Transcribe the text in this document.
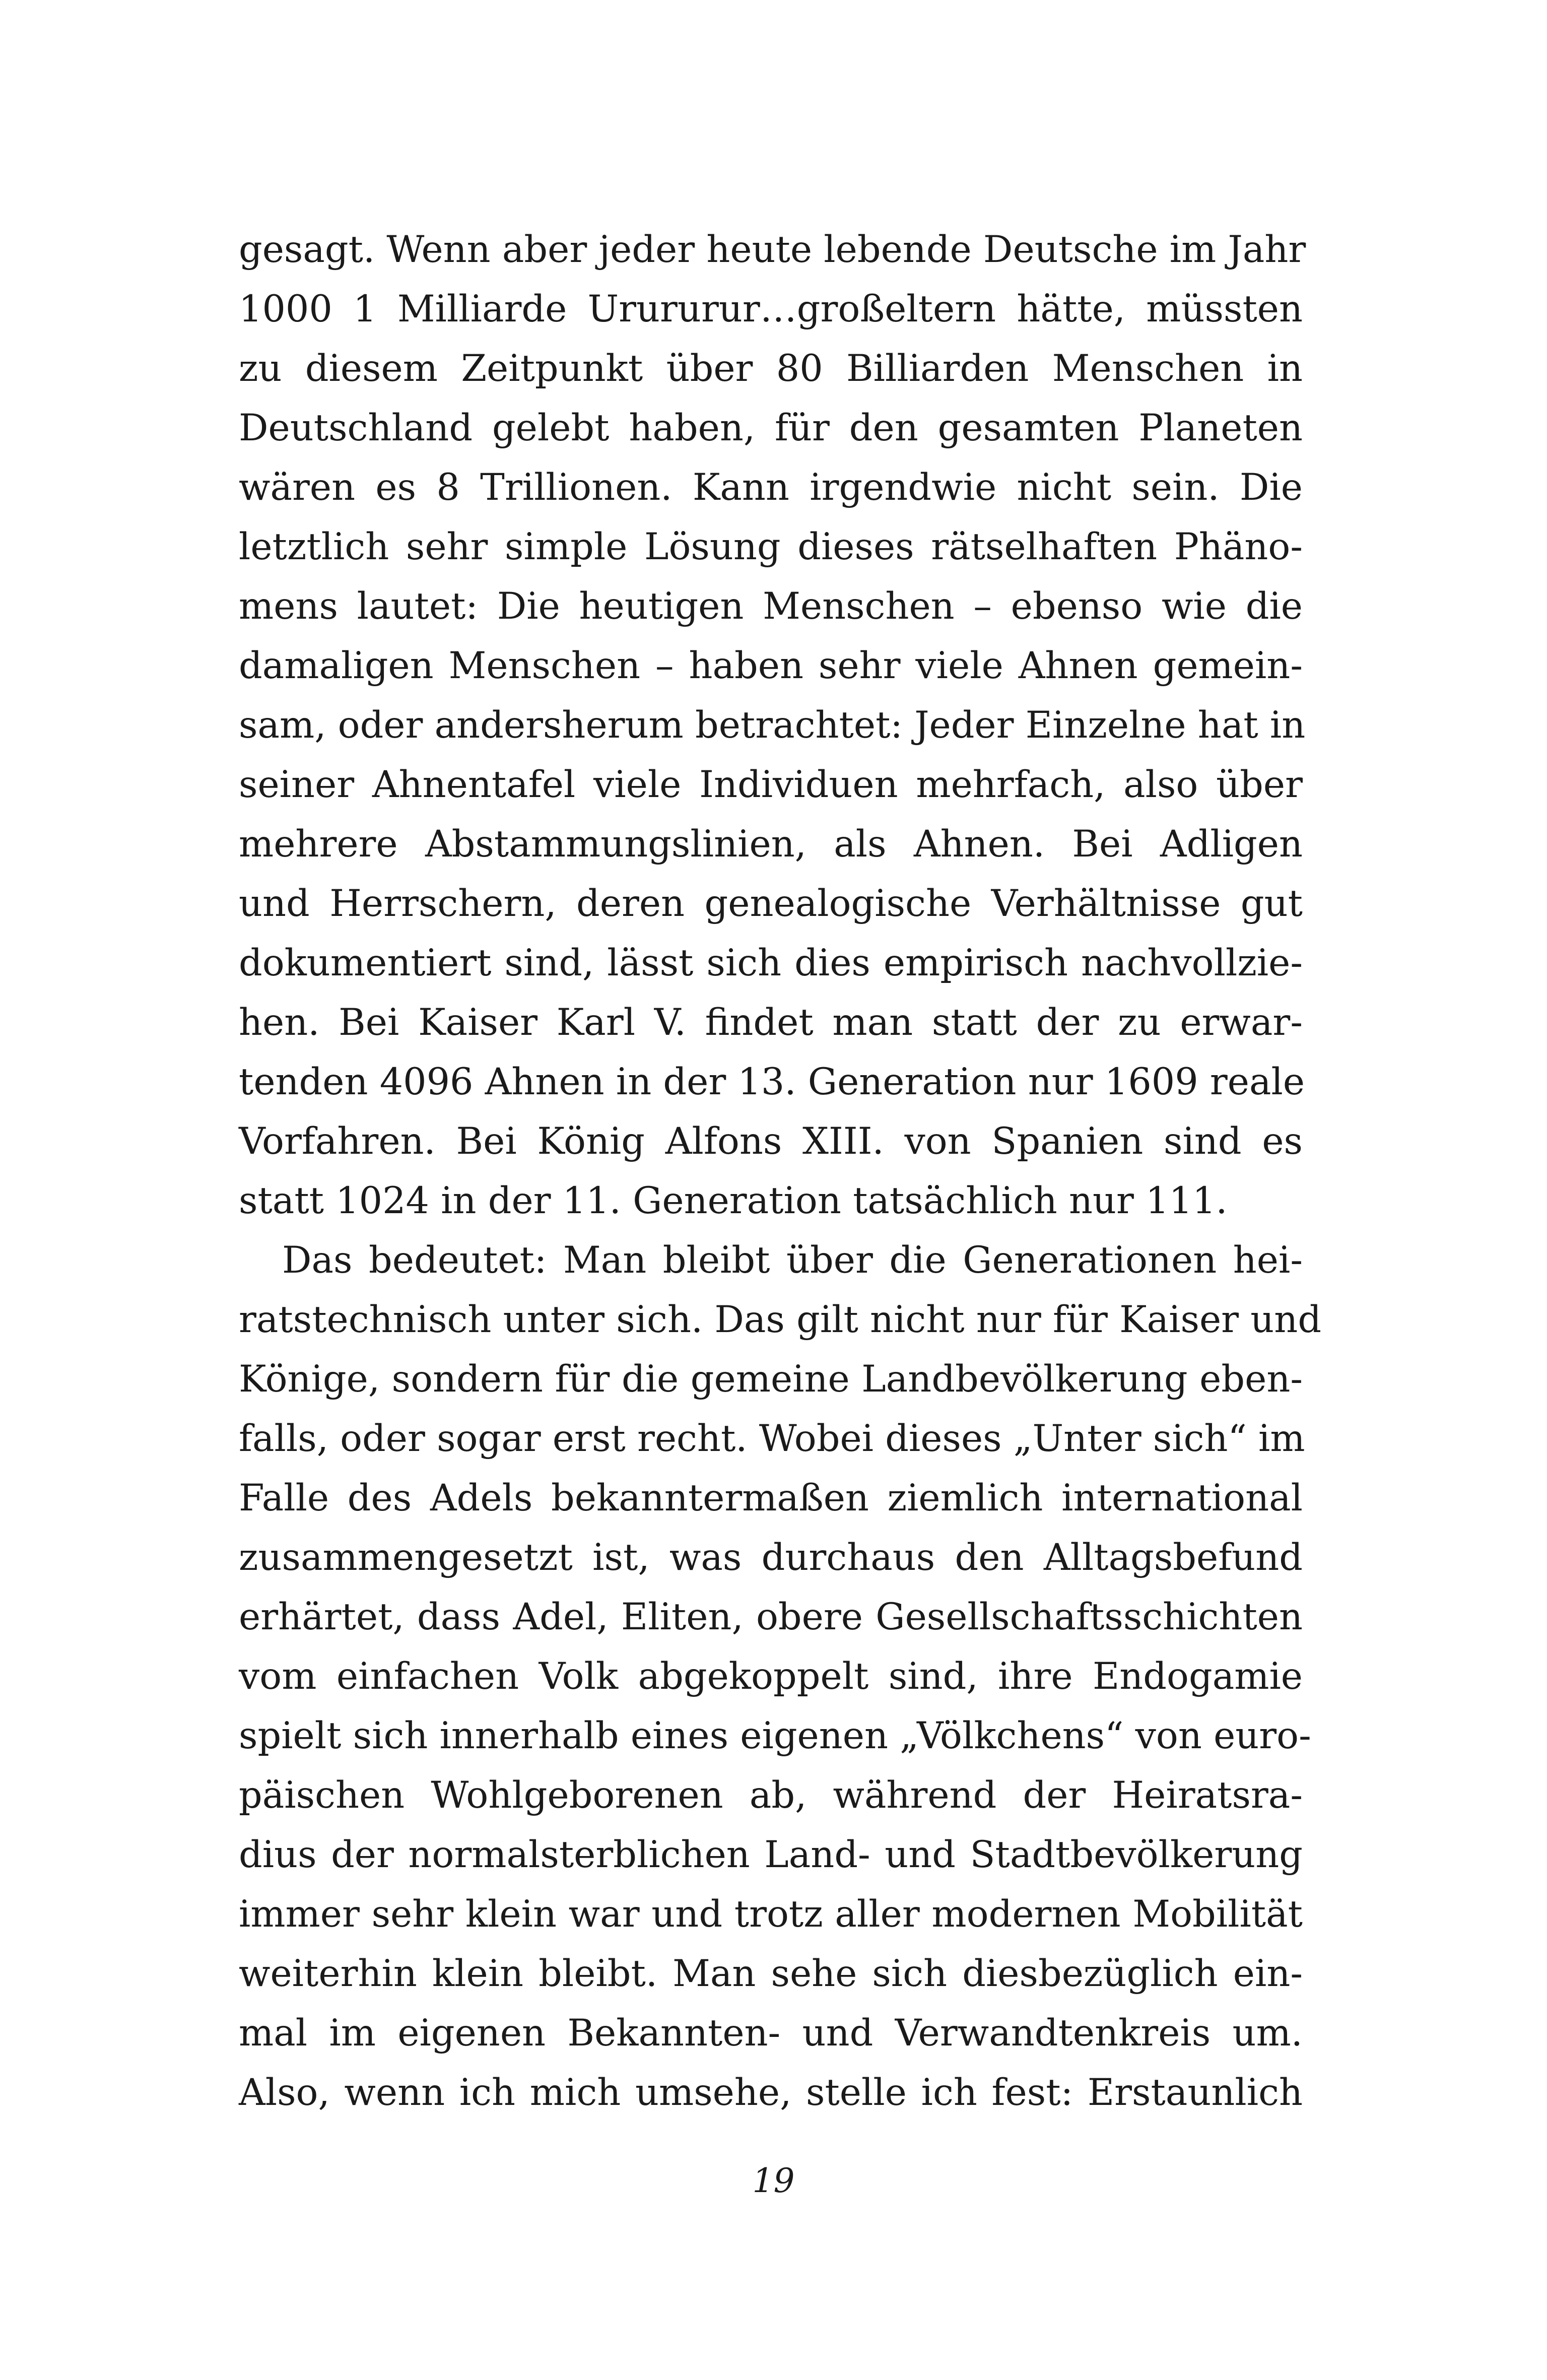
gesagt. Wenn aber jeder heute lebende Deutsche im Jahr
1000 1 Milliarde Urururur…großeltern hätte, müssten
zu diesem Zeitpunkt über 80 Billiarden Menschen in
Deutschland gelebt haben, für den gesamten Planeten
wären es 8 Trillionen. Kann irgendwie nicht sein. Die
letztlich sehr simple Lösung dieses rätselhaften Phäno-
mens lautet: Die heutigen Menschen – ebenso wie die
damaligen Menschen – haben sehr viele Ahnen gemein-
sam, oder andersherum betrachtet: Jeder Einzelne hat in
seiner Ahnentafel viele Individuen mehrfach, also über
mehrere Abstammungslinien, als Ahnen. Bei Adligen
und Herrschern, deren genealogische Verhältnisse gut
dokumentiert sind, lässt sich dies empirisch nachvollzie-
hen. Bei Kaiser Karl V. findet man statt der zu erwar-
tenden 4096 Ahnen in der 13. Generation nur 1609 reale
Vorfahren. Bei König Alfons XIII. von Spanien sind es
statt 1024 in der 11. Generation tatsächlich nur 111.
Das bedeutet: Man bleibt über die Generationen hei-
ratstechnisch unter sich. Das gilt nicht nur für Kaiser und
Könige, sondern für die gemeine Landbevölkerung eben-
falls, oder sogar erst recht. Wobei dieses „Unter sich“ im
Falle des Adels bekanntermaßen ziemlich international
zusammengesetzt ist, was durchaus den Alltagsbefund
erhärtet, dass Adel, Eliten, obere Gesellschaftsschichten
vom einfachen Volk abgekoppelt sind, ihre Endogamie
spielt sich innerhalb eines eigenen „Völkchens“ von euro-
päischen Wohlgeborenen ab, während der Heiratsra-
dius der normalsterblichen Land- und Stadtbevölkerung
immer sehr klein war und trotz aller modernen Mobilität
weiterhin klein bleibt. Man sehe sich diesbezüglich ein-
mal im eigenen Bekannten- und Verwandtenkreis um.
Also, wenn ich mich umsehe, stelle ich fest: Erstaunlich
19
